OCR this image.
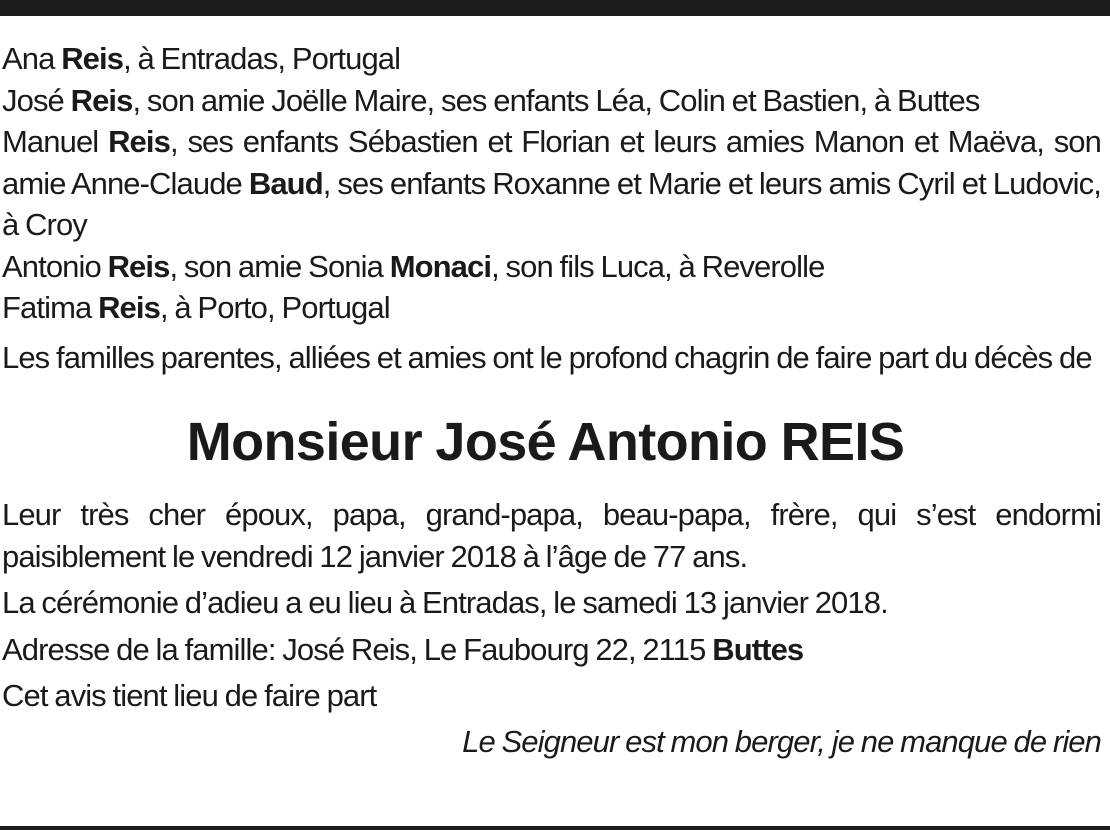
Ana Reis, à Entradas, Portugal

José Reis, son amie Joëlle Maire, ses enfants Léa, Colin et Bastien, à Buttes

Manuel Reis, ses enfants Sébastien et Florian et leurs amies Manon et Maëva, son amie Anne-Claude Baud, ses enfants Roxanne et Marie et leurs amis Cyril et Ludovic, à Croy

Antonio Reis, son amie Sonia Monaci, son fils Luca, à Reverolle

Fatima Reis, à Porto, Portugal

Les familles parentes, alliées et amies ont le profond chagrin de faire part du décès de

Monsieur José Antonio REIS

Leur très cher époux, papa, grand-papa, beau-papa, frère, qui s’est endormi paisiblement le vendredi 12 janvier 2018 à l’âge de 77 ans.

La cérémonie d’adieu a eu lieu à Entradas, le samedi 13 janvier 2018.

Adresse de la famille: José Reis, Le Faubourg 22, 2115 Buttes

Cet avis tient lieu de faire part

Le Seigneur est mon berger, je ne manque de rien
